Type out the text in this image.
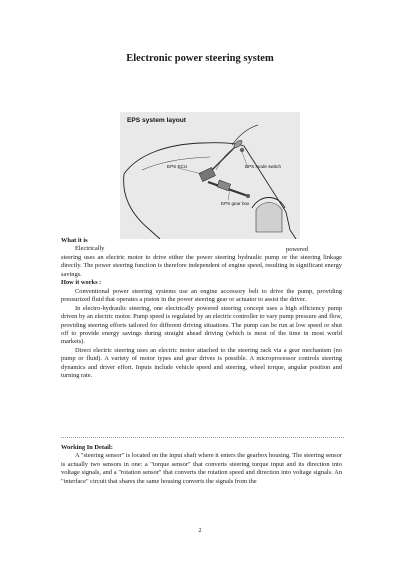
Electronic power steering system
EPS system layout
EPS ECU	EPS mode switch
EPS gear box

What it is

Electrically

steering uses an electric motor to drive either the power steering hydraulic pump or the steering linkage directly. The power steering function is therefore independent of engine speed, resulting in significant energy savings.

How it works :

Conventional power steering systems use an engine accessory belt to drive the pump, providing pressurized fluid that operates a piston in the power steering gear or actuator to assist the driver.

In electro-hydraulic steering, one electrically powered steering concept uses a high efficiency pump driven by an electric motor. Pump speed is regulated by an electric controller to vary pump pressure and flow, providing steering efforts tailored for different driving situations. The pump can be run at low speed or shut off to provide energy savings during straight ahead driving (which is most of the time in most world markets).

Direct electric steering uses an electric motor attached to the steering rack via a gear mechanism (no pump or fluid). A variety of motor types and gear drives is possible. A microprocessor controls steering dynamics and driver effort. Inputs include vehicle speed and steering, wheel torque, angular position and turning rate.

powered

Working In Detail:

A "steering sensor" is located on the input shaft where it enters the gearbox housing. The steering sensor is actually two sensors in one: a "torque sensor" that converts steering torque input and its direction into voltage signals, and a "rotation sensor" that converts the rotation speed and direction into voltage signals. An "interface" circuit that shares the same housing converts the signals from the

2
